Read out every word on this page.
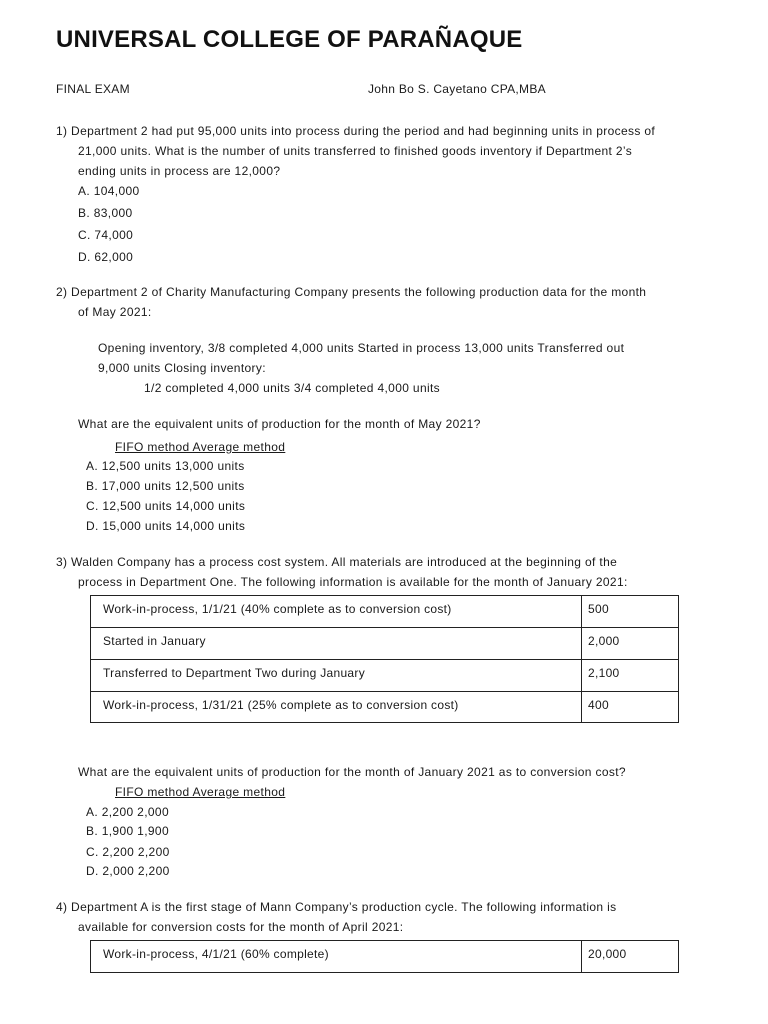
UNIVERSAL COLLEGE OF PARAÑAQUE
FINAL EXAM	John Bo S. Cayetano CPA,MBA
1) Department 2 had put 95,000 units into process during the period and had beginning units in process of
21,000 units. What is the number of units transferred to finished goods inventory if Department 2’s
ending units in process are 12,000?
A. 104,000
B. 83,000
C. 74,000
D. 62,000
2) Department 2 of Charity Manufacturing Company presents the following production data for the month
of May 2021:
Opening inventory, 3/8 completed 4,000 units Started in process 13,000 units Transferred out
9,000 units Closing inventory:
1/2 completed 4,000 units 3/4 completed 4,000 units
What are the equivalent units of production for the month of May 2021?
FIFO method Average method
A. 12,500 units 13,000 units
B. 17,000 units 12,500 units
C. 12,500 units 14,000 units
D. 15,000 units 14,000 units
3) Walden Company has a process cost system. All materials are introduced at the beginning of the
process in Department One. The following information is available for the month of January 2021:
Work-in-process, 1/1/21 (40% complete as to conversion cost)	500
Started in January	2,000
Transferred to Department Two during January	2,100
Work-in-process, 1/31/21 (25% complete as to conversion cost)	400
What are the equivalent units of production for the month of January 2021 as to conversion cost?
FIFO method Average method
A. 2,200 2,000
B. 1,900 1,900
C. 2,200 2,200
D. 2,000 2,200
4) Department A is the first stage of Mann Company’s production cycle. The following information is
available for conversion costs for the month of April 2021:
Work-in-process, 4/1/21 (60% complete)	20,000
